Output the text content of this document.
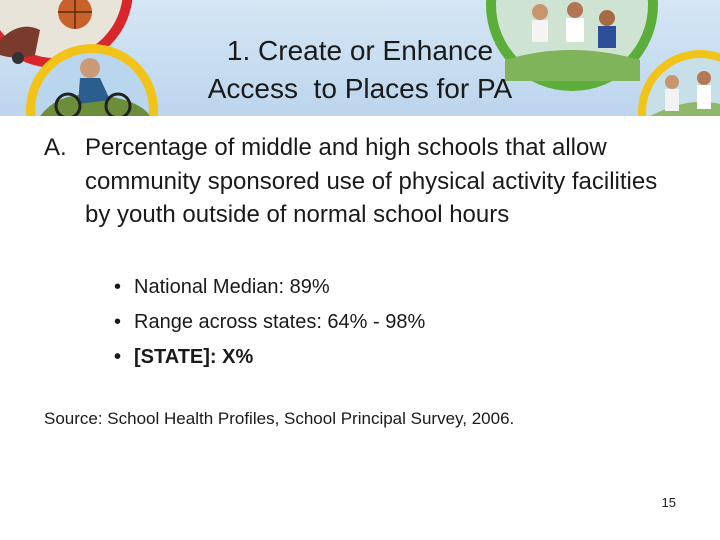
1. Create or Enhance
Access  to Places for PA
A. Percentage of middle and high schools that allow community sponsored use of physical activity facilities by youth outside of normal school hours
• National Median: 89%
• Range across states: 64% - 98%
• [STATE]: X%
Source: School Health Profiles, School Principal Survey, 2006.
15
